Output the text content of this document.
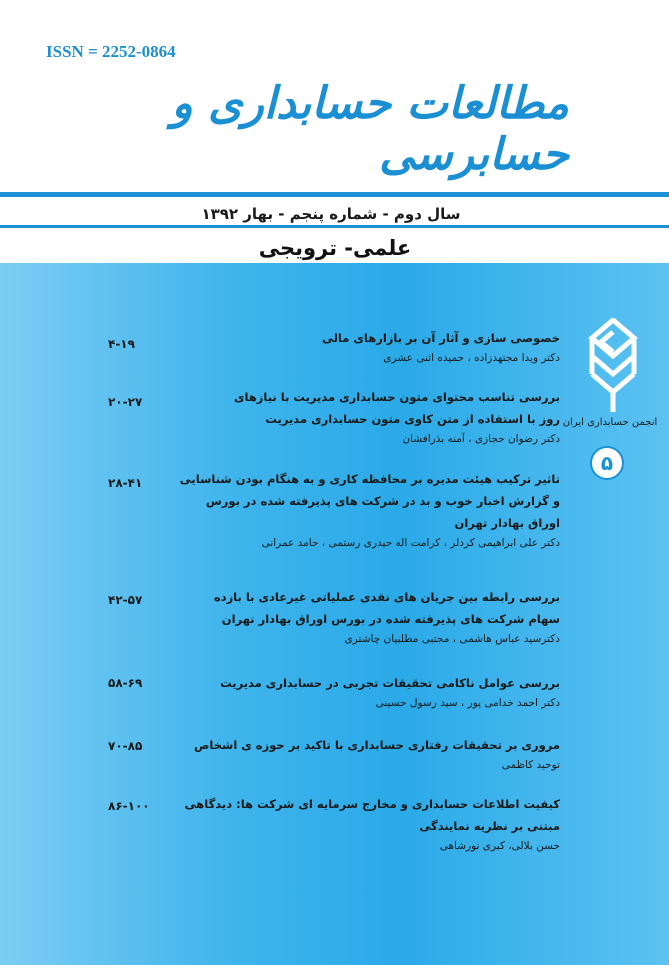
ISSN = 2252-0864
مطالعات حسابداری و حسابرسی
سال دوم - شماره پنجم - بهار ۱۳۹۲
علمی- ترویجی
انجمن حسابداری ایران
۵
۴-۱۹	خصوصی سازی و آثار آن بر بازارهای مالی

دکتر ویدا مجتهدزاده ، حمیده اثنی عشری

۲۰-۲۷	بررسی تناسب محتوای متون حسابداری مدیریت با نیازهای

روز با استفاده از متن کاوی متون حسابداری مدیریت

دکتر رضوان حجازی ، آمنه بذرافشان

۲۸-۴۱	تاثیر ترکیب هیئت مدیره بر محافظه کاری و به هنگام بودن شناسایی

و گزارش اخبار خوب و بد در شرکت های پذیرفته شده در بورس

اوراق بهادار تهران

دکتر علی ابراهیمی کردلر ، کرامت اله حیدری رستمی ، حامد عمرانی

۴۲-۵۷	بررسی رابطه بین جریان های نقدی عملیاتی غیرعادی با بازده

سهام شرکت های پذیرفته شده در بورس اوراق بهادار تهران

دکترسید عباس هاشمی ، مجتبی مطلبیان چاشتری

۵۸-۶۹	بررسی عوامل ناکامی تحقیقات تجربی در حسابداری مدیریت

دکتر احمد خدامی پور ، سید رسول حسینی

۷۰-۸۵	مروری بر تحقیقات رفتاری حسابداری با تاکید بر حوزه ی اشخاص

توحید کاظمی

۸۶-۱۰۰	کیفیت اطلاعات حسابداری و مخارج سرمایه ای شرکت ها: دیدگاهی

مبتنی بر نظریه نمایندگی

حسن بلالی، کبری نورشاهی
